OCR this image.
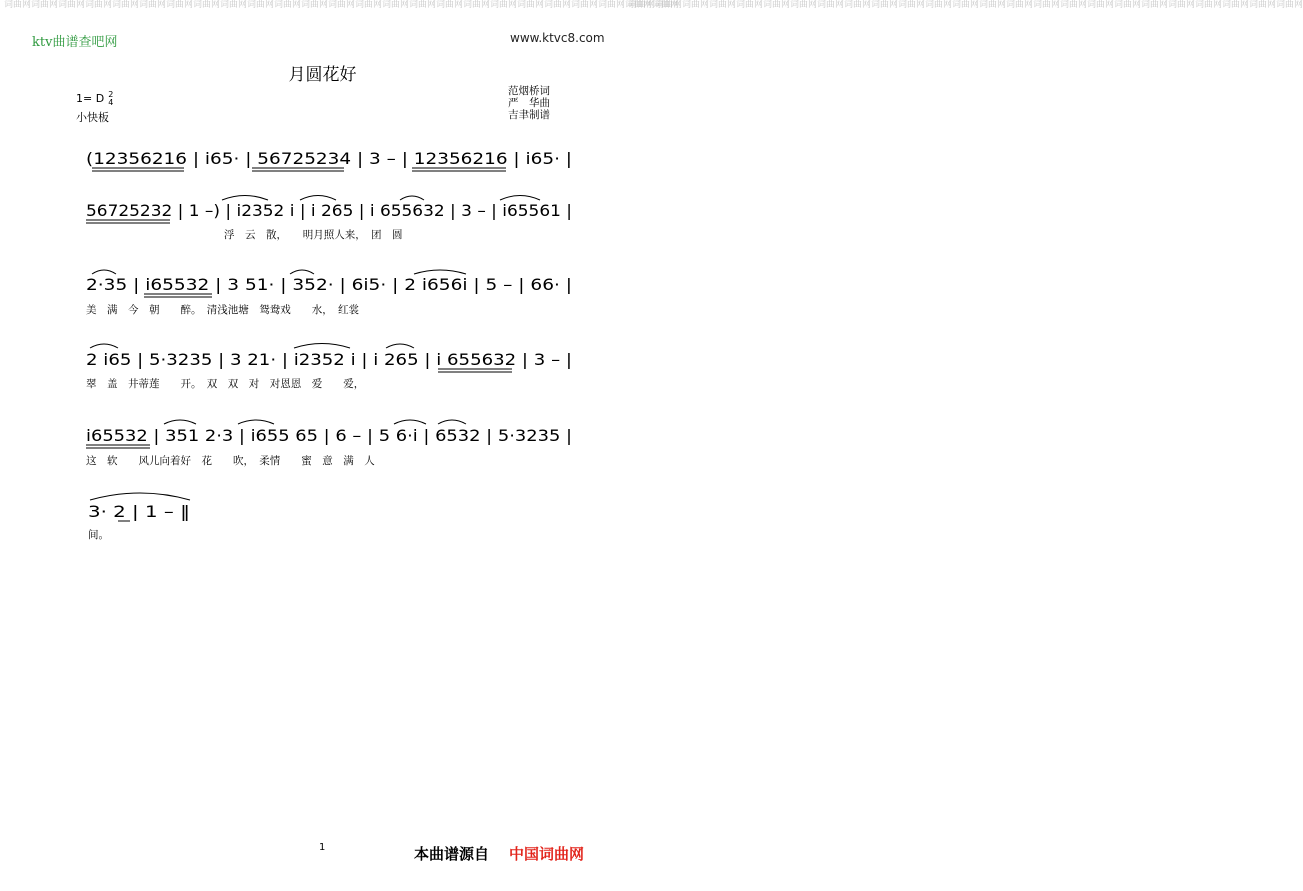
词曲网词曲网词曲网词曲网词曲网词曲网词曲网词曲网词曲网词曲网词曲网词曲网词曲网词曲网词曲网词曲网词曲网词曲网词曲网词曲网词曲网词曲网词曲网词曲网词曲网
词曲网词曲网词曲网词曲网词曲网词曲网词曲网词曲网词曲网词曲网词曲网词曲网词曲网词曲网词曲网词曲网词曲网词曲网词曲网词曲网词曲网词曲网词曲网词曲网词曲网
ktv曲谱查吧网	www.ktvc8.com
月圆花好
1= D 2
4
小快板
范烟桥词
严　华曲
吉聿制谱
(12356216 | i65· | 56725234 | 3 – | 12356216 | i65· |
56725232 | 1 –) | i2352 i | i 265 | i 655632 | 3 – | i65561 |
浮　云　散，　　明月照人来，　团　圆
2·35 | i65532 | 3 51· | 352· | 6i5· | 2 i656i | 5 – | 66· |
美　满　今　朝　　醉。　清浅池塘　鸳鸯戏　　水，　红裳
2 i65 | 5·3235 | 3 21· | i2352 i | i 265 | i 655632 | 3 – |
翠　盖　井蒂莲　　开。　双　双　对　对恩恩　爱　　爱，
i65532 | 351 2·3 | i655 65 | 6 – | 5 6·i | 6532 | 5·3235 |
这　软　　风儿向着好　花　　吹，　柔情　　蜜　意　满　人
3· 2 | 1 – ‖
间。
1	本曲谱源自 中国词曲网
